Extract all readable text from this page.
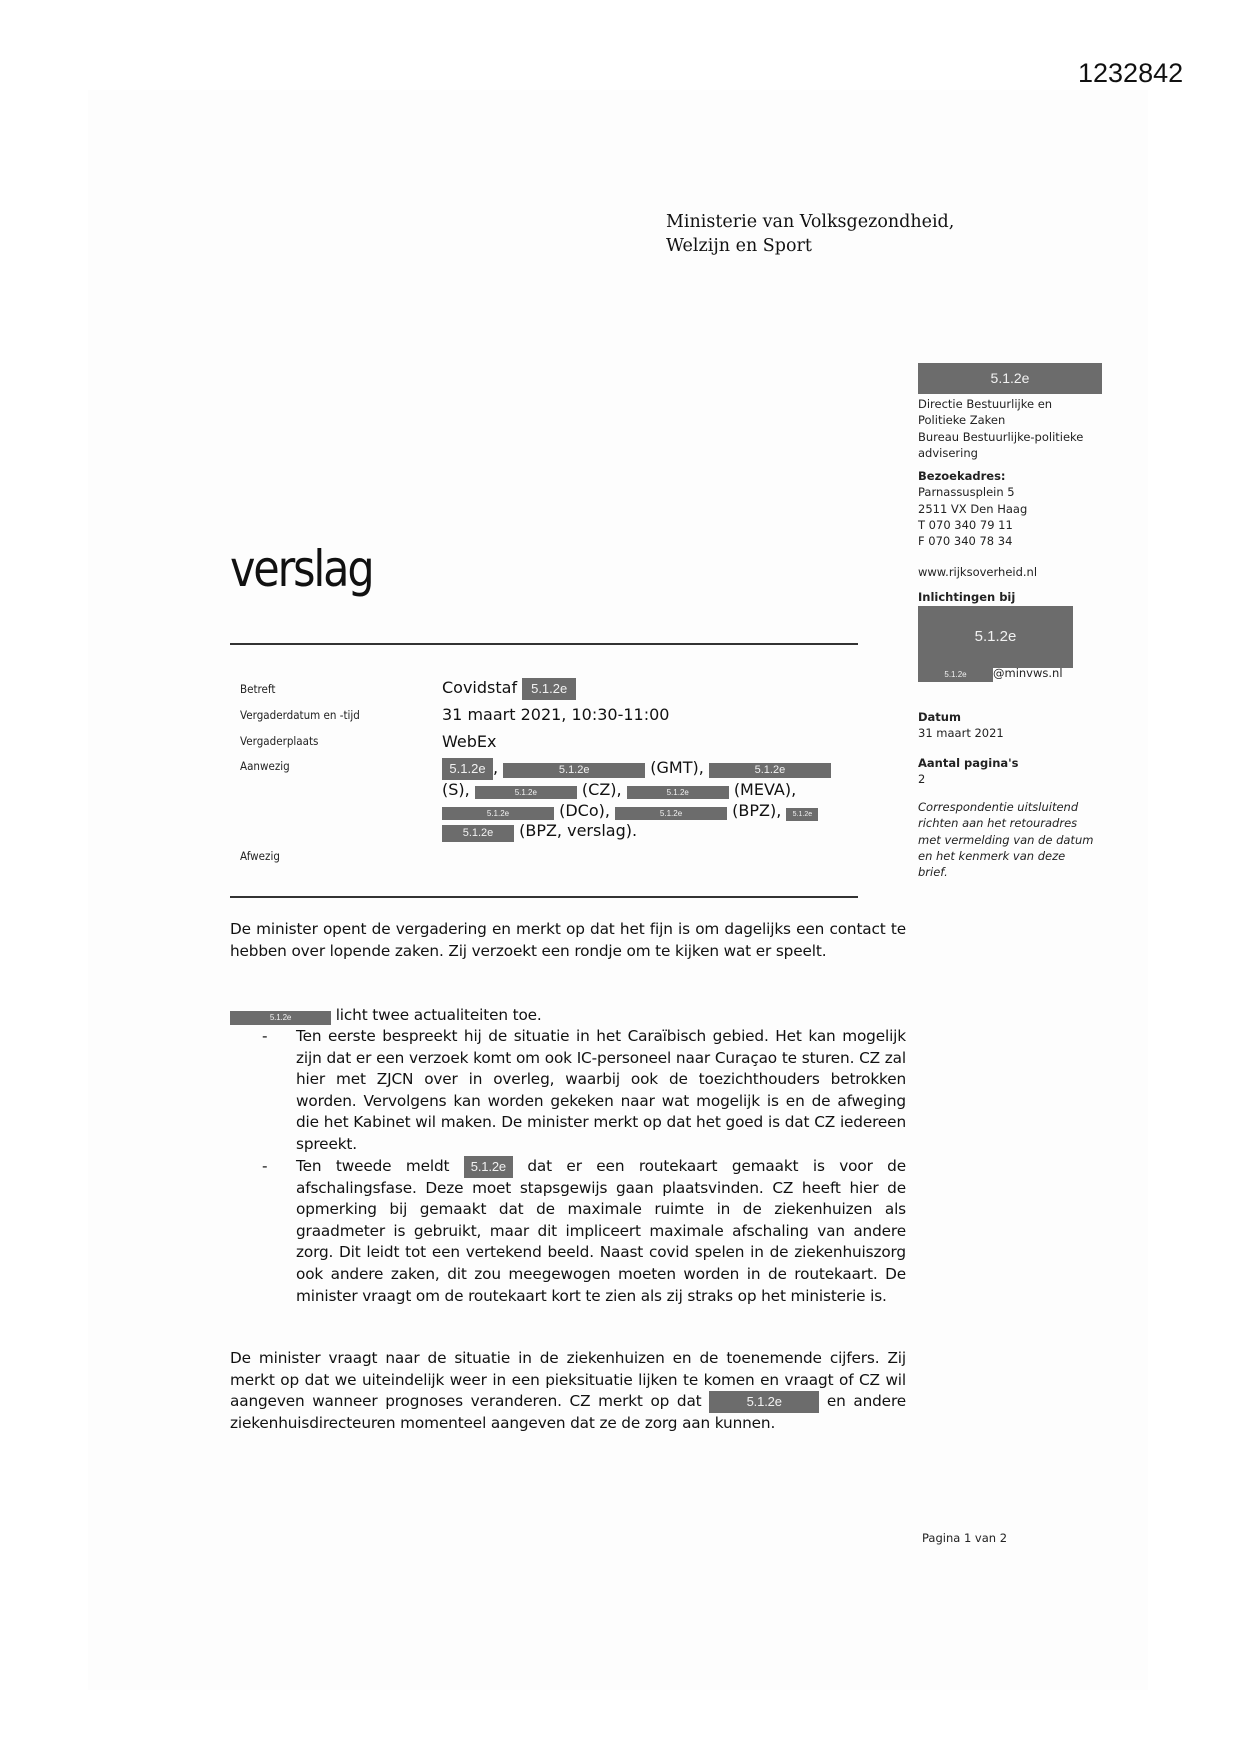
1232842
Ministerie van Volksgezondheid,
Welzijn en Sport
5.1.2e
Directie Bestuurlijke en
Politieke Zaken
Bureau Bestuurlijke-politieke
advisering
Bezoekadres:
Parnassusplein 5
2511 VX Den Haag
T 070 340 79 11
F 070 340 78 34
www.rijksoverheid.nl
Inlichtingen bij
5.1.2e
5.1.2e @minvws.nl
Datum
31 maart 2021
Aantal pagina's
2
Correspondentie uitsluitend
richten aan het retouradres
met vermelding van de datum
en het kenmerk van deze
brief.
verslag
Betreft	Covidstaf 5.1.2e
Vergaderdatum en -tijd	31 maart 2021, 10:30-11:00
Vergaderplaats	WebEx
Aanwezig	5.1.2e ,	5.1.2e	(GMT),	5.1.2e
(S),	5.1.2e	(CZ),	5.1.2e	(MEVA),
5.1.2e	(DCo),	5.1.2e	(BPZ), 5.1.2e
5.1.2e (BPZ, verslag).
Afwezig
De minister opent de vergadering en merkt op dat het fijn is om dagelijks een contact te hebben over lopende zaken. Zij verzoekt een rondje om te kijken wat er speelt.
5.1.2e	licht twee actualiteiten toe.
- Ten eerste bespreekt hij de situatie in het Caraïbisch gebied. Het kan mogelijk zijn dat er een verzoek komt om ook IC-personeel naar Curaçao te sturen. CZ zal hier met ZJCN over in overleg, waarbij ook de toezichthouders betrokken worden. Vervolgens kan worden gekeken naar wat mogelijk is en de afweging die het Kabinet wil maken. De minister merkt op dat het goed is dat CZ iedereen spreekt.
- Ten tweede meldt 5.1.2e dat er een routekaart gemaakt is voor de afschalingsfase. Deze moet stapsgewijs gaan plaatsvinden. CZ heeft hier de opmerking bij gemaakt dat de maximale ruimte in de ziekenhuizen als graadmeter is gebruikt, maar dit impliceert maximale afschaling van andere zorg. Dit leidt tot een vertekend beeld. Naast covid spelen in de ziekenhuiszorg ook andere zaken, dit zou meegewogen moeten worden in de routekaart. De minister vraagt om de routekaart kort te zien als zij straks op het ministerie is.
De minister vraagt naar de situatie in de ziekenhuizen en de toenemende cijfers. Zij merkt op dat we uiteindelijk weer in een pieksituatie lijken te komen en vraagt of CZ wil aangeven wanneer prognoses veranderen. CZ merkt op dat	5.1.2e en andere ziekenhuisdirecteuren momenteel aangeven dat ze de zorg aan kunnen.
Pagina 1 van 2
